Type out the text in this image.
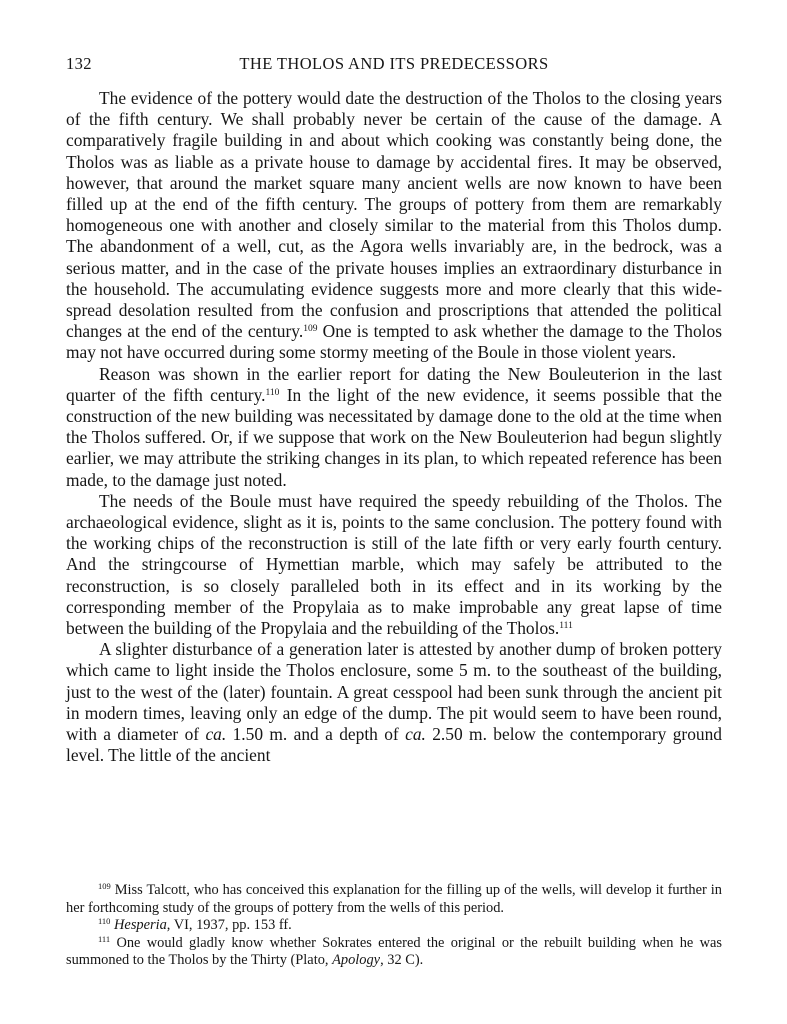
132	THE THOLOS AND ITS PREDECESSORS

The evidence of the pottery would date the destruction of the Tholos to the closing years of the fifth century. We shall probably never be certain of the cause of the damage. A comparatively fragile building in and about which cooking was constantly being done, the Tholos was as liable as a private house to damage by accidental fires. It may be observed, however, that around the market square many ancient wells are now known to have been filled up at the end of the fifth century. The groups of pottery from them are remarkably homogeneous one with another and closely similar to the material from this Tholos dump. The abandonment of a well, cut, as the Agora wells invariably are, in the bedrock, was a serious matter, and in the case of the private houses implies an extraordinary disturbance in the household. The accumulating evidence suggests more and more clearly that this wide-spread desolation resulted from the confusion and proscriptions that attended the political changes at the end of the century.$^{109}$ One is tempted to ask whether the damage to the Tholos may not have occurred during some stormy meeting of the Boule in those violent years.

Reason was shown in the earlier report for dating the New Bouleuterion in the last quarter of the fifth century.$^{110}$ In the light of the new evidence, it seems possible that the construction of the new building was necessitated by damage done to the old at the time when the Tholos suffered. Or, if we suppose that work on the New Bouleuterion had begun slightly earlier, we may attribute the striking changes in its plan, to which repeated reference has been made, to the damage just noted.

The needs of the Boule must have required the speedy rebuilding of the Tholos. The archaeological evidence, slight as it is, points to the same conclusion. The pottery found with the working chips of the reconstruction is still of the late fifth or very early fourth century. And the stringcourse of Hymettian marble, which may safely be attributed to the reconstruction, is so closely paralleled both in its effect and in its working by the corresponding member of the Propylaia as to make improbable any great lapse of time between the building of the Propylaia and the rebuilding of the Tholos.$^{111}$

A slighter disturbance of a generation later is attested by another dump of broken pottery which came to light inside the Tholos enclosure, some 5 m. to the southeast of the building, just to the west of the (later) fountain. A great cesspool had been sunk through the ancient pit in modern times, leaving only an edge of the dump. The pit would seem to have been round, with a diameter of ca. 1.50 m. and a depth of ca. 2.50 m. below the contemporary ground level. The little of the ancient

$^{109}$ Miss Talcott, who has conceived this explanation for the filling up of the wells, will develop it further in her forthcoming study of the groups of pottery from the wells of this period.

$^{110}$ Hesperia, VI, 1937, pp. 153 ff.

$^{111}$ One would gladly know whether Sokrates entered the original or the rebuilt building when he was summoned to the Tholos by the Thirty (Plato, Apology, 32 C).
